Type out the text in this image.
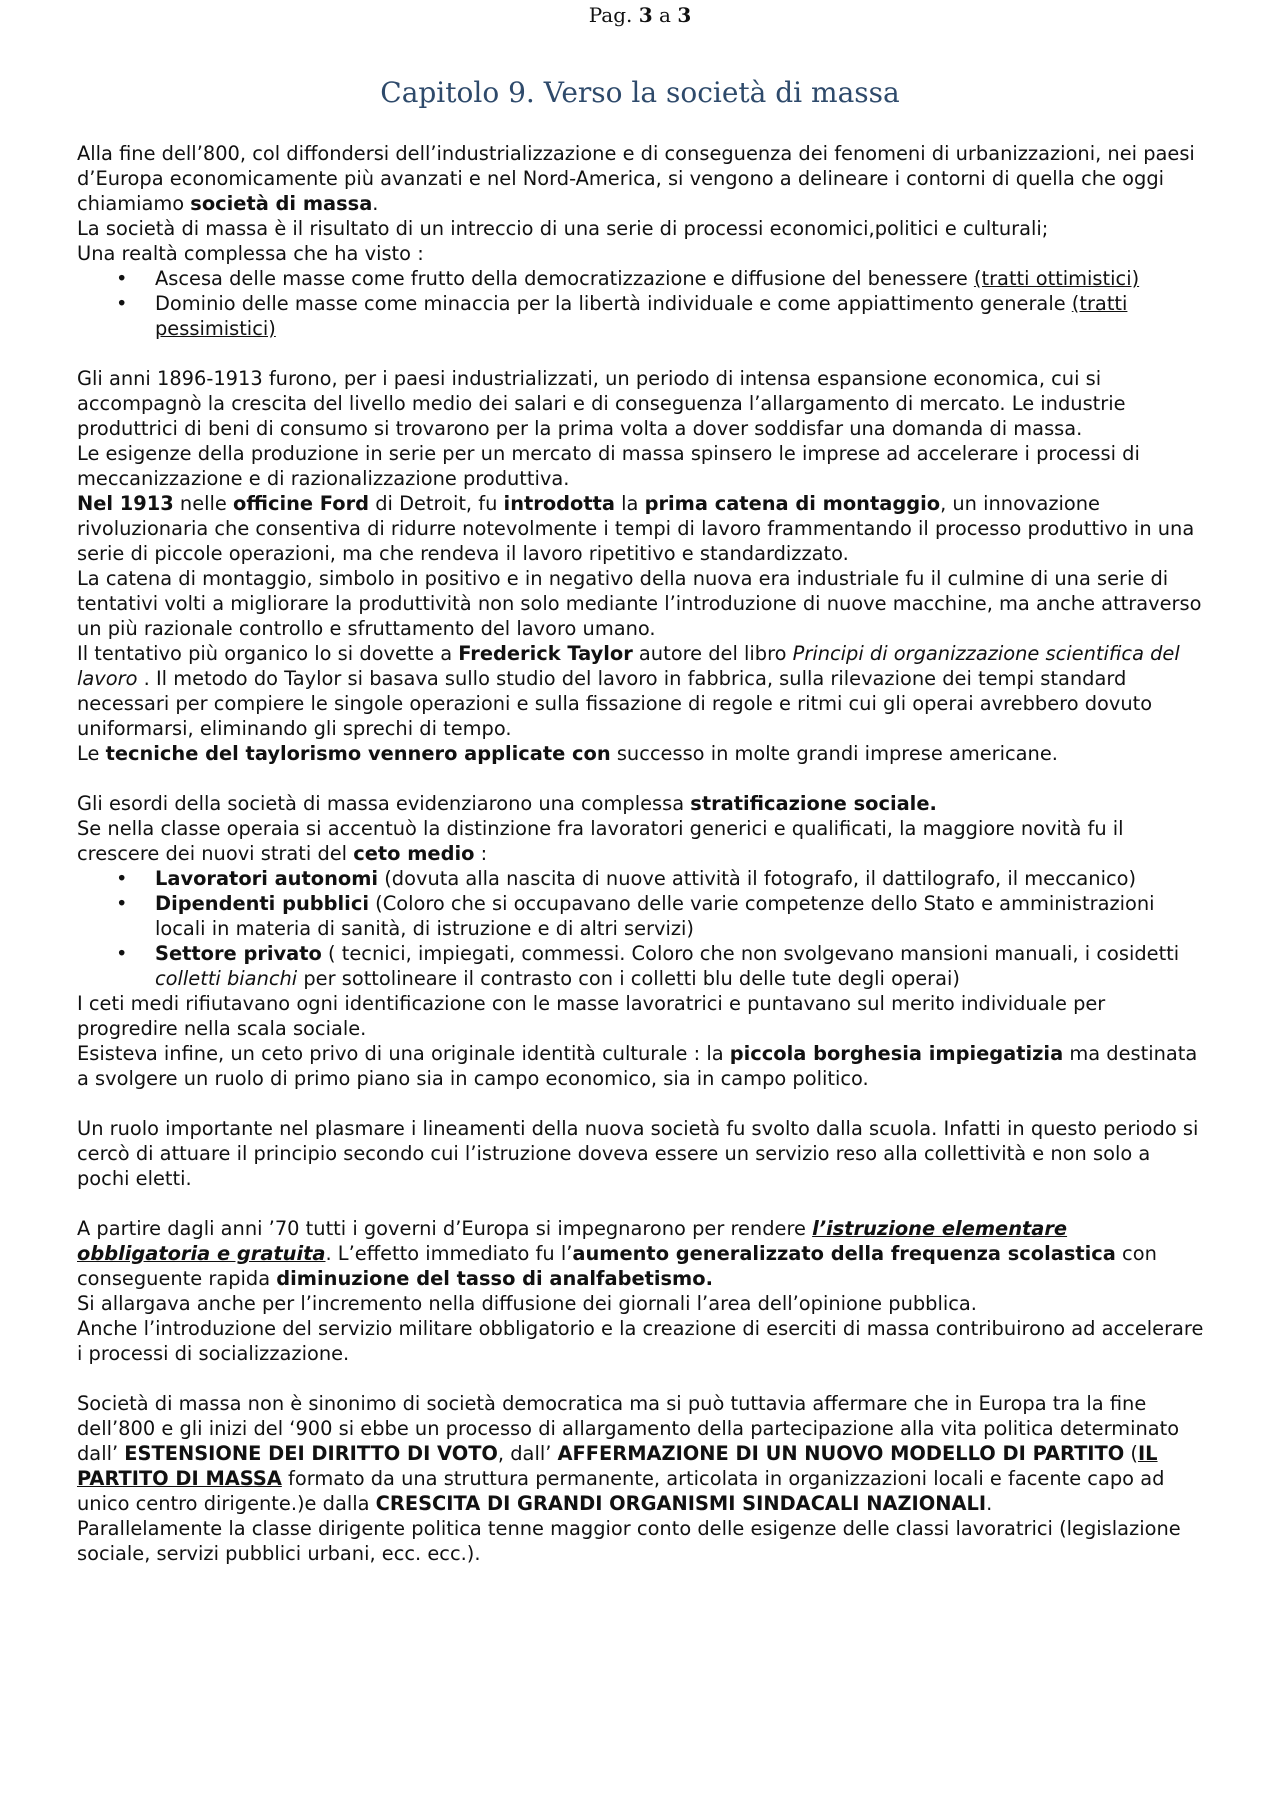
Pag. 3 a 3
Capitolo 9. Verso la società di massa

Alla fine dell’800, col diffondersi dell’industrializzazione e di conseguenza dei fenomeni di urbanizzazioni, nei paesi d’Europa economicamente più avanzati e nel Nord-America, si vengono a delineare i contorni di quella che oggi chiamiamo società di massa.

La società di massa è il risultato di un intreccio di una serie di processi economici,politici e culturali;

Una realtà complessa che ha visto :

• Ascesa delle masse come frutto della democratizzazione e diffusione del benessere (tratti ottimistici)
• Dominio delle masse come minaccia per la libertà individuale e come appiattimento generale (tratti pessimistici)

Gli anni 1896-1913 furono, per i paesi industrializzati, un periodo di intensa espansione economica, cui si accompagnò la crescita del livello medio dei salari e di conseguenza l’allargamento di mercato. Le industrie produttrici di beni di consumo si trovarono per la prima volta a dover soddisfar una domanda di massa.

Le esigenze della produzione in serie per un mercato di massa spinsero le imprese ad accelerare i processi di meccanizzazione e di razionalizzazione produttiva.

Nel 1913 nelle officine Ford di Detroit, fu introdotta la prima catena di montaggio, un innovazione rivoluzionaria che consentiva di ridurre notevolmente i tempi di lavoro frammentando il processo produttivo in una serie di piccole operazioni, ma che rendeva il lavoro ripetitivo e standardizzato.

La catena di montaggio, simbolo in positivo e in negativo della nuova era industriale fu il culmine di una serie di tentativi volti a migliorare la produttività non solo mediante l’introduzione di nuove macchine, ma anche attraverso un più razionale controllo e sfruttamento del lavoro umano.

Il tentativo più organico lo si dovette a Frederick Taylor autore del libro Principi di organizzazione scientifica del lavoro . Il metodo do Taylor si basava sullo studio del lavoro in fabbrica, sulla rilevazione dei tempi standard necessari per compiere le singole operazioni e sulla fissazione di regole e ritmi cui gli operai avrebbero dovuto uniformarsi, eliminando gli sprechi di tempo.

Le tecniche del taylorismo vennero applicate con successo in molte grandi imprese americane.

Gli esordi della società di massa evidenziarono una complessa stratificazione sociale.

Se nella classe operaia si accentuò la distinzione fra lavoratori generici e qualificati, la maggiore novità fu il crescere dei nuovi strati del ceto medio :

• Lavoratori autonomi (dovuta alla nascita di nuove attività il fotografo, il dattilografo, il meccanico)
• Dipendenti pubblici (Coloro che si occupavano delle varie competenze dello Stato e amministrazioni locali in materia di sanità, di istruzione e di altri servizi)
• Settore privato ( tecnici, impiegati, commessi. Coloro che non svolgevano mansioni manuali, i cosidetti colletti bianchi per sottolineare il contrasto con i colletti blu delle tute degli operai)

I ceti medi rifiutavano ogni identificazione con le masse lavoratrici e puntavano sul merito individuale per progredire nella scala sociale.

Esisteva infine, un ceto privo di una originale identità culturale : la piccola borghesia impiegatizia ma destinata a svolgere un ruolo di primo piano sia in campo economico, sia in campo politico.

Un ruolo importante nel plasmare i lineamenti della nuova società fu svolto dalla scuola. Infatti in questo periodo si cercò di attuare il principio secondo cui l’istruzione doveva essere un servizio reso alla collettività e non solo a pochi eletti.

A partire dagli anni ’70 tutti i governi d’Europa si impegnarono per rendere l’istruzione elementare obbligatoria e gratuita. L’effetto immediato fu l’aumento generalizzato della frequenza scolastica con conseguente rapida diminuzione del tasso di analfabetismo.

Si allargava anche per l’incremento nella diffusione dei giornali l’area dell’opinione pubblica.

Anche l’introduzione del servizio militare obbligatorio e la creazione di eserciti di massa contribuirono ad accelerare i processi di socializzazione.

Società di massa non è sinonimo di società democratica ma si può tuttavia affermare che in Europa tra la fine dell’800 e gli inizi del ‘900 si ebbe un processo di allargamento della partecipazione alla vita politica determinato dall’ ESTENSIONE DEI DIRITTO DI VOTO, dall’ AFFERMAZIONE DI UN NUOVO MODELLO DI PARTITO (IL PARTITO DI MASSA formato da una struttura permanente, articolata in organizzazioni locali e facente capo ad unico centro dirigente.)e dalla CRESCITA DI GRANDI ORGANISMI SINDACALI NAZIONALI.

Parallelamente la classe dirigente politica tenne maggior conto delle esigenze delle classi lavoratrici (legislazione sociale, servizi pubblici urbani, ecc. ecc.).
